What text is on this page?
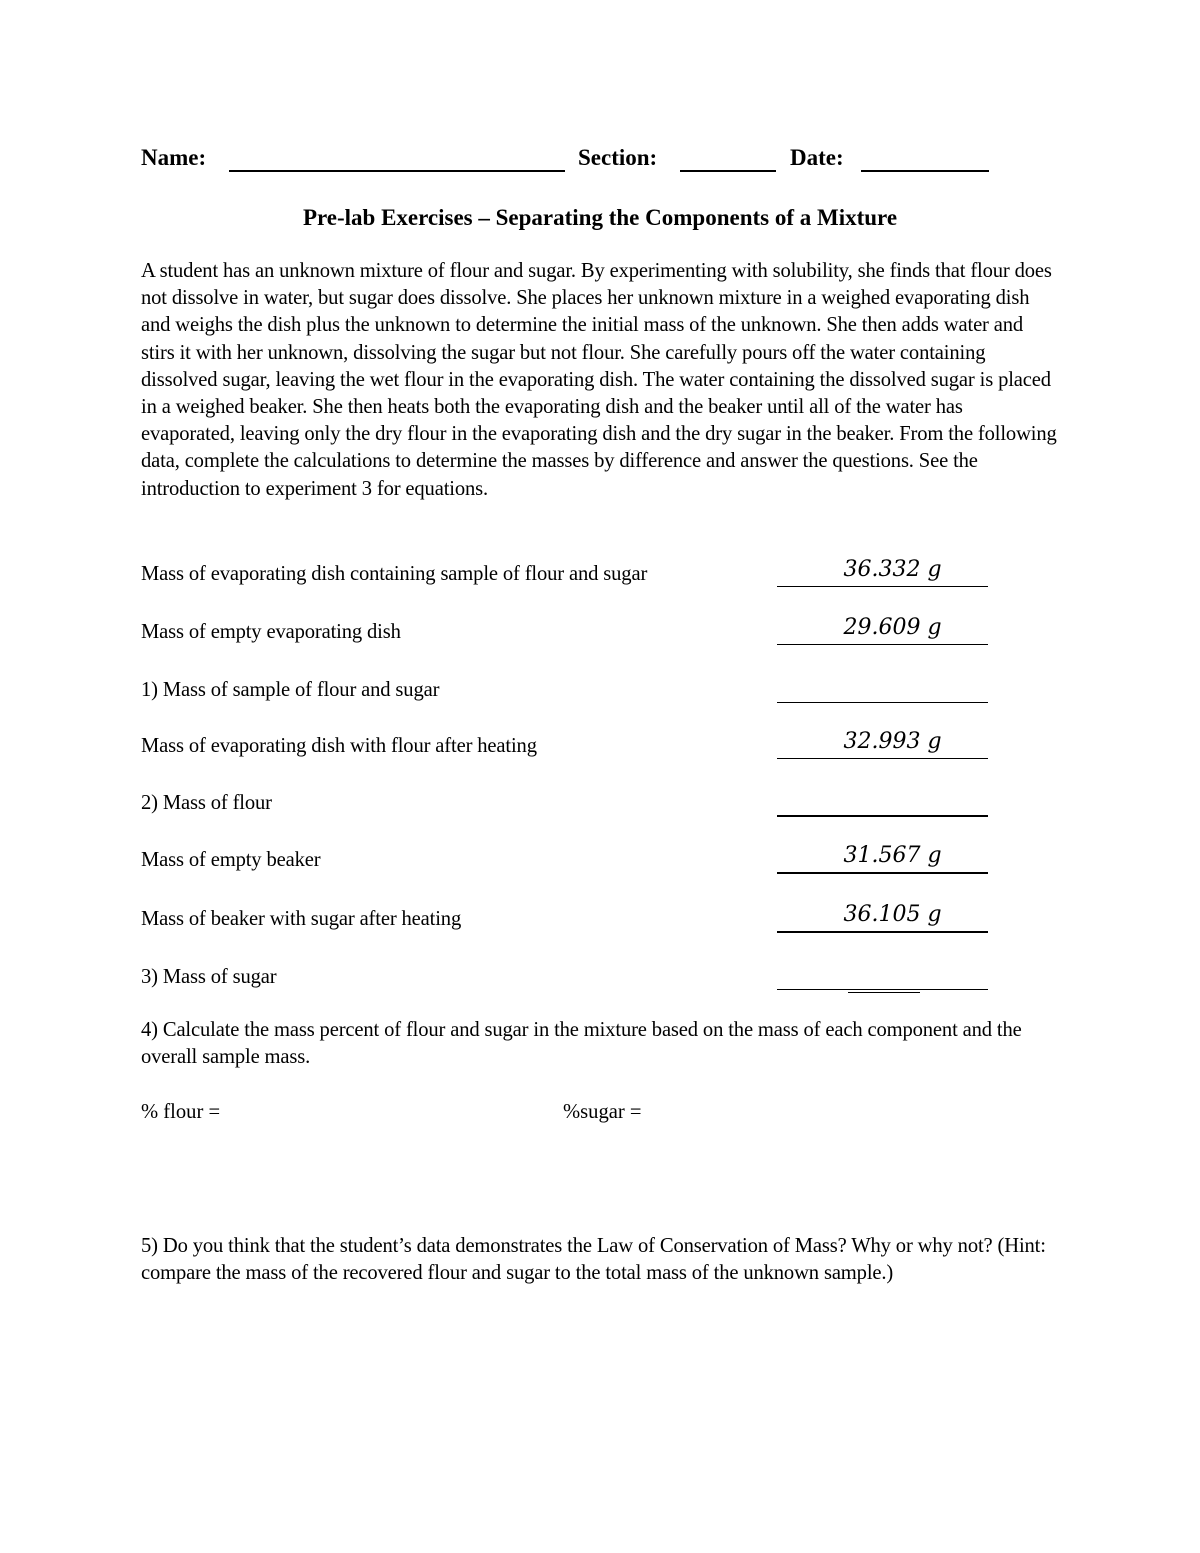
Name:	Section:	Date:
Pre-lab Exercises – Separating the Components of a Mixture

A student has an unknown mixture of flour and sugar. By experimenting with solubility, she finds that flour does not dissolve in water, but sugar does dissolve. She places her unknown mixture in a weighed evaporating dish and weighs the dish plus the unknown to determine the initial mass of the unknown. She then adds water and stirs it with her unknown, dissolving the sugar but not flour. She carefully pours off the water containing dissolved sugar, leaving the wet flour in the evaporating dish. The water containing the dissolved sugar is placed in a weighed beaker. She then heats both the evaporating dish and the beaker until all of the water has evaporated, leaving only the dry flour in the evaporating dish and the dry sugar in the beaker. From the following data, complete the calculations to determine the masses by difference and answer the questions. See the introduction to experiment 3 for equations.

Mass of evaporating dish containing sample of flour and sugar	36.332 g
Mass of empty evaporating dish	29.609 g
1) Mass of sample of flour and sugar
Mass of evaporating dish with flour after heating	32.993 g
2) Mass of flour
Mass of empty beaker	31.567 g
Mass of beaker with sugar after heating	36.105 g
3) Mass of sugar

4) Calculate the mass percent of flour and sugar in the mixture based on the mass of each component and the overall sample mass.

% flour =	%sugar =

5) Do you think that the student’s data demonstrates the Law of Conservation of Mass? Why or why not? (Hint: compare the mass of the recovered flour and sugar to the total mass of the unknown sample.)
